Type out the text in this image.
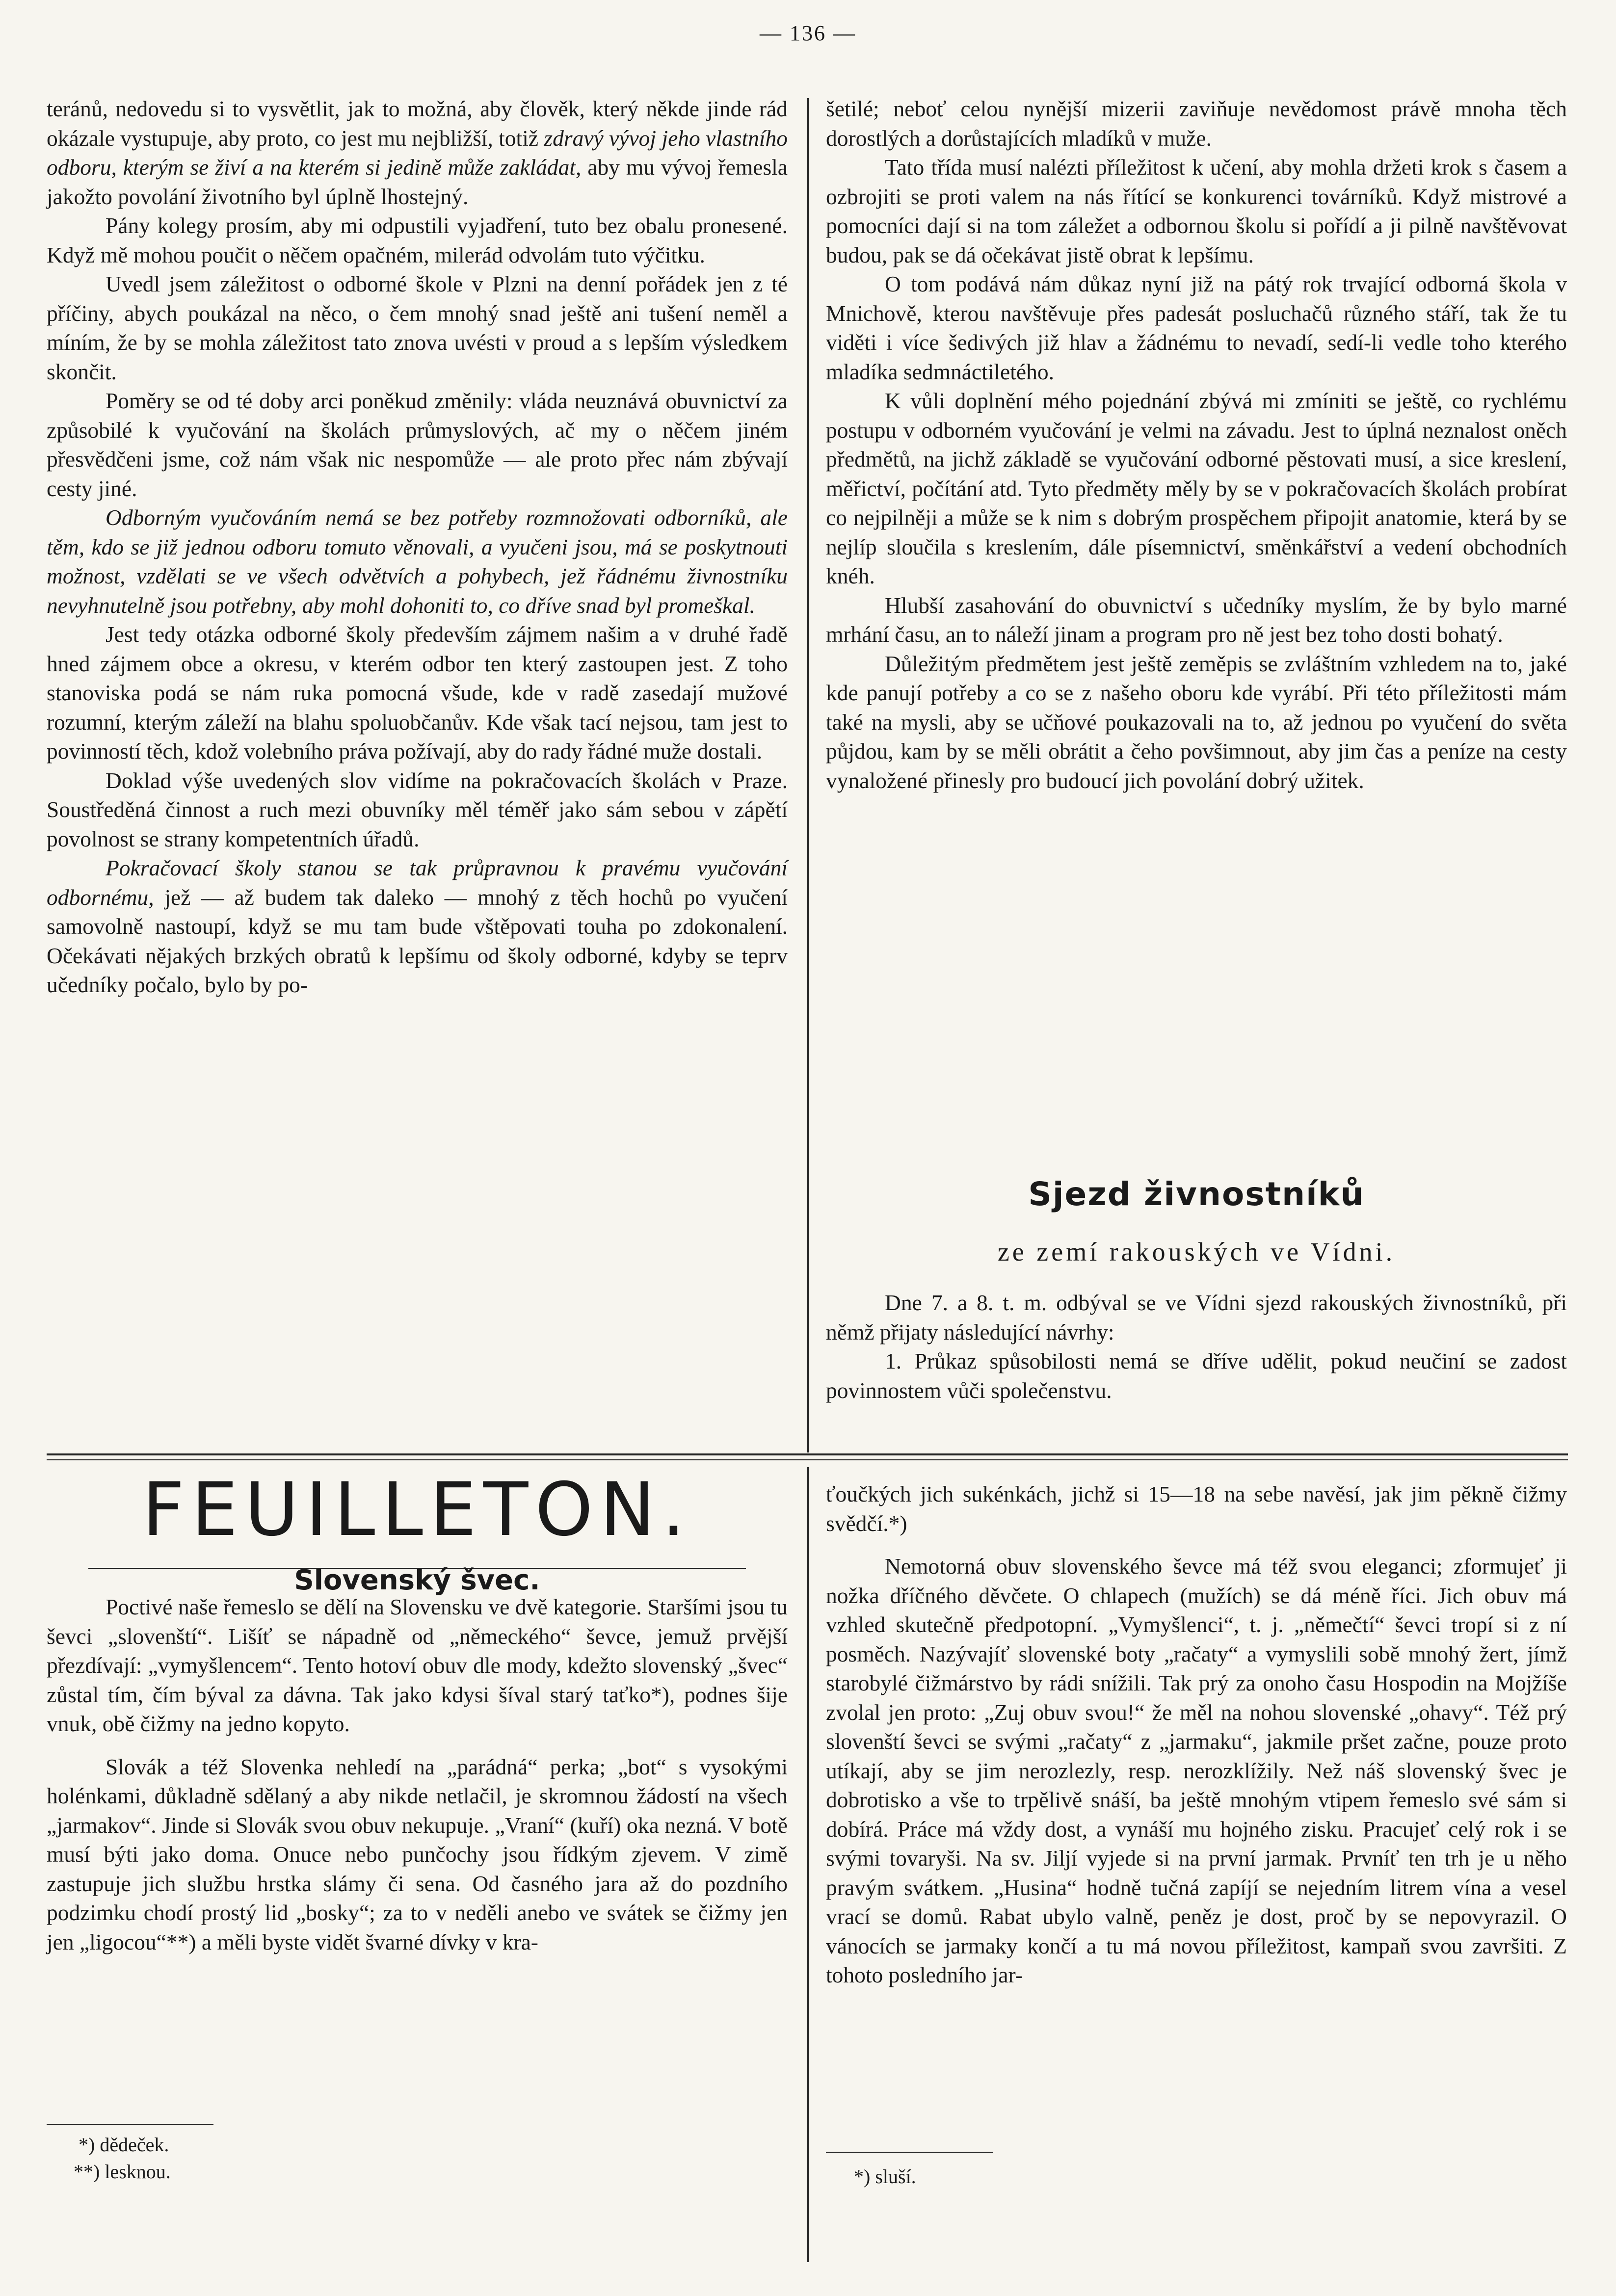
— 136 —

teránů, nedovedu si to vysvětlit, jak to možná, aby člověk, který někde jinde rád okázale vystupuje, aby proto, co jest mu nejbližší, totiž zdravý vývoj jeho vlastního odboru, kterým se živí a na kterém si jedině může zakládat, aby mu vývoj řemesla jakožto povolání životního byl úplně lhostejný.

Pány kolegy prosím, aby mi odpustili vyjadření, tuto bez obalu pronesené. Když mě mohou poučit o něčem opačném, milerád odvolám tuto výčitku.

Uvedl jsem záležitost o odborné škole v Plzni na denní pořádek jen z té příčiny, abych poukázal na něco, o čem mnohý snad ještě ani tušení neměl a míním, že by se mohla záležitost tato znova uvésti v proud a s lepším výsledkem skončit.

Poměry se od té doby arci poněkud změnily: vláda neuznává obuvnictví za způsobilé k vyučování na školách průmyslových, ač my o něčem jiném přesvědčeni jsme, což nám však nic nespomůže — ale proto přec nám zbývají cesty jiné.

Odborným vyučováním nemá se bez potřeby rozmnožovati odborníků, ale těm, kdo se již jednou odboru tomuto věnovali, a vyučeni jsou, má se poskytnouti možnost, vzdělati se ve všech odvětvích a pohybech, jež řádnému živnostníku nevyhnutelně jsou potřebny, aby mohl dohoniti to, co dříve snad byl promeškal.

Jest tedy otázka odborné školy především zájmem našim a v druhé řadě hned zájmem obce a okresu, v kterém odbor ten který zastoupen jest. Z toho stanoviska podá se nám ruka pomocná všude, kde v radě zasedají mužové rozumní, kterým záleží na blahu spoluobčanův. Kde však tací nejsou, tam jest to povinností těch, kdož volebního práva požívají, aby do rady řádné muže dostali.

Doklad výše uvedených slov vidíme na pokračovacích školách v Praze. Soustředěná činnost a ruch mezi obuvníky měl téměř jako sám sebou v zápětí povolnost se strany kompetentních úřadů.

Pokračovací školy stanou se tak průpravnou k pravému vyučování odbornému, jež — až budem tak daleko — mnohý z těch hochů po vyučení samovolně nastoupí, když se mu tam bude vštěpovati touha po zdokonalení. Očekávati nějakých brzkých obratů k lepšímu od školy odborné, kdyby se teprv učedníky počalo, bylo by po-

šetilé; neboť celou nynější mizerii zaviňuje nevědomost právě mnoha těch dorostlých a dorůstajících mladíků v muže.

Tato třída musí nalézti příležitost k učení, aby mohla držeti krok s časem a ozbrojiti se proti valem na nás řítící se konkurenci továrníků. Když mistrové a pomocníci dají si na tom záležet a odbornou školu si pořídí a ji pilně navštěvovat budou, pak se dá očekávat jistě obrat k lepšímu.

O tom podává nám důkaz nyní již na pátý rok trvající odborná škola v Mnichově, kterou navštěvuje přes padesát posluchačů různého stáří, tak že tu viděti i více šedivých již hlav a žádnému to nevadí, sedí-li vedle toho kterého mladíka sedmnáctiletého.

K vůli doplnění mého pojednání zbývá mi zmíniti se ještě, co rychlému postupu v odborném vyučování je velmi na závadu. Jest to úplná neznalost oněch předmětů, na jichž základě se vyučování odborné pěstovati musí, a sice kreslení, měřictví, počítání atd. Tyto předměty měly by se v pokračovacích školách probírat co nejpilněji a může se k nim s dobrým prospěchem připojit anatomie, která by se nejlíp sloučila s kreslením, dále písemnictví, směnkářství a vedení obchodních knéh.

Hlubší zasahování do obuvnictví s učedníky myslím, že by bylo marné mrhání času, an to náleží jinam a program pro ně jest bez toho dosti bohatý.

Důležitým předmětem jest ještě zeměpis se zvláštním vzhledem na to, jaké kde panují potřeby a co se z našeho oboru kde vyrábí. Při této příležitosti mám také na mysli, aby se učňové poukazovali na to, až jednou po vyučení do světa půjdou, kam by se měli obrátit a čeho povšimnout, aby jim čas a peníze na cesty vynaložené přinesly pro budoucí jich povolání dobrý užitek.

Sjezd živnostníků
ze zemí rakouských ve Vídni.

Dne 7. a 8. t. m. odbýval se ve Vídni sjezd rakouských živnostníků, při němž přijaty následující návrhy:

1. Průkaz spůsobilosti nemá se dříve udělit, pokud neučiní se zadost povinnostem vůči společenstvu.

FEUILLETON.
Slovenský švec.

Poctivé naše řemeslo se dělí na Slovensku ve dvě kategorie. Staršími jsou tu ševci „slovenští“. Lišíť se nápadně od „německého“ ševce, jemuž prvější přezdívají: „vymyšlencem“. Tento hotoví obuv dle mody, kdežto slovenský „švec“ zůstal tím, čím býval za dávna. Tak jako kdysi šíval starý taťko*), podnes šije vnuk, obě čižmy na jedno kopyto.

Slovák a též Slovenka nehledí na „parádná“ perka; „bot“ s vysokými holénkami, důkladně sdělaný a aby nikde netlačil, je skromnou žádostí na všech „jarmakov“. Jinde si Slovák svou obuv nekupuje. „Vraní“ (kuří) oka nezná. V botě musí býti jako doma. Onuce nebo punčochy jsou řídkým zjevem. V zimě zastupuje jich službu hrstka slámy či sena. Od časného jara až do pozdního podzimku chodí prostý lid „bosky“; za to v neděli anebo ve svátek se čižmy jen jen „ligocou“**) a měli byste vidět švarné dívky v kra-

*) dědeček.
**) lesknou.

ťoučkých jich sukénkách, jichž si 15—18 na sebe navěsí, jak jim pěkně čižmy svědčí.*)

Nemotorná obuv slovenského ševce má též svou eleganci; zformujeť ji nožka dříčného děvčete. O chlapech (mužích) se dá méně říci. Jich obuv má vzhled skutečně předpotopní. „Vymyšlenci“, t. j. „němečtí“ ševci tropí si z ní posměch. Nazývajíť slovenské boty „račaty“ a vymyslili sobě mnohý žert, jímž starobylé čižmárstvo by rádi snížili. Tak prý za onoho času Hospodin na Mojžíše zvolal jen proto: „Zuj obuv svou!“ že měl na nohou slovenské „ohavy“. Též prý slovenští ševci se svými „račaty“ z „jarmaku“, jakmile pršet začne, pouze proto utíkají, aby se jim nerozlezly, resp. nerozklížily. Než náš slovenský švec je dobrotisko a vše to trpělivě snáší, ba ještě mnohým vtipem řemeslo své sám si dobírá. Práce má vždy dost, a vynáší mu hojného zisku. Pracujeť celý rok i se svými tovaryši. Na sv. Jiljí vyjede si na první jarmak. Prvníť ten trh je u něho pravým svátkem. „Husina“ hodně tučná zapíjí se nejedním litrem vína a vesel vrací se domů. Rabat ubylo valně, peněz je dost, proč by se nepovyrazil. O vánocích se jarmaky končí a tu má novou příležitost, kampaň svou završiti. Z tohoto posledního jar-

*) sluší.
